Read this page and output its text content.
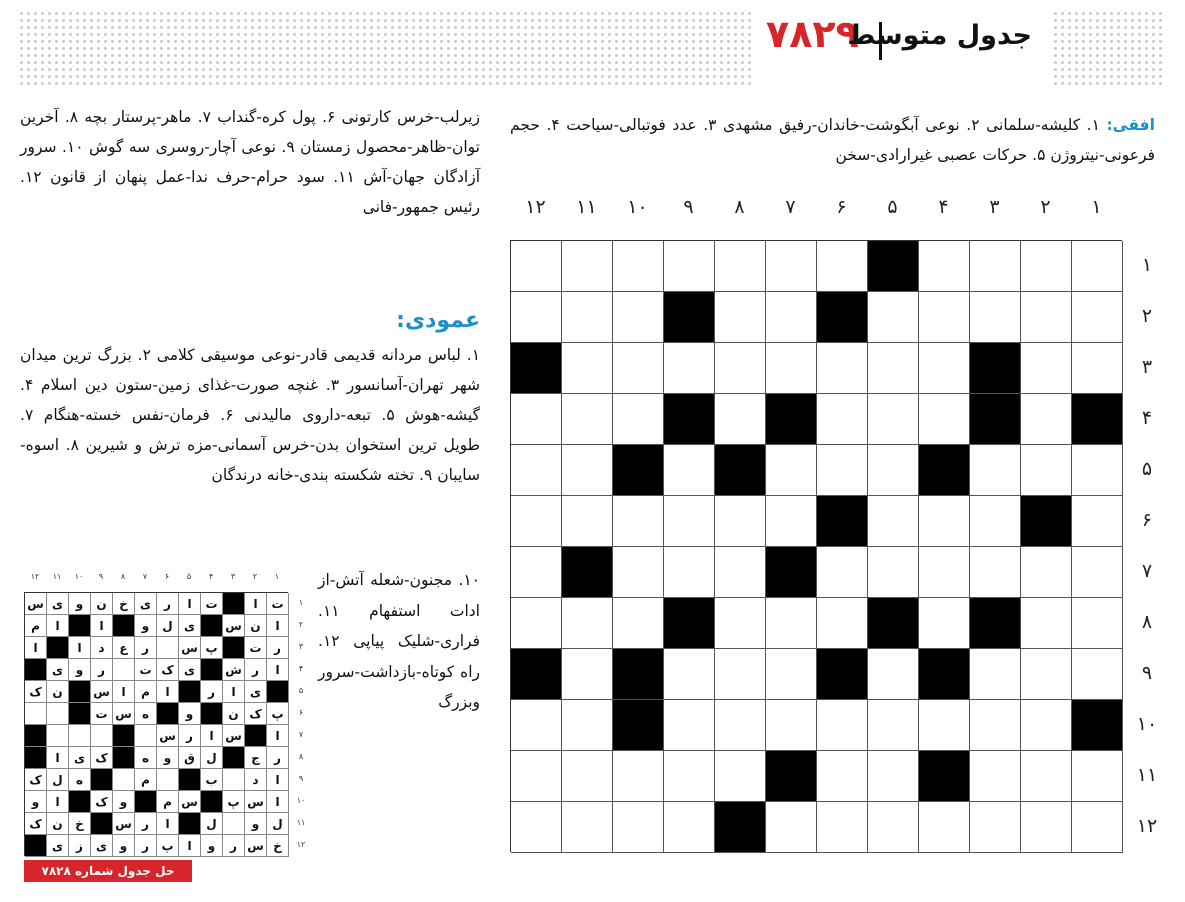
۷۸۲۹
جدول متوسط
افقی: ۱. کلیشه-سلمانی ۲. نوعی آبگوشت-خاندان-رفیق مشهدی ۳. عدد فوتبالی-سیاحت ۴. حجم فرعونی-نیتروژن ۵. حرکات عصبی غیرارادی-سخن
زیرلب-خرس کارتونی ۶. پول کره-گنداب ۷. ماهر-پرستار بچه ۸. آخرین توان-ظاهر-محصول زمستان ۹. نوعی آچار-روسری سه گوش ۱۰. سرور آزادگان جهان-آش ۱۱. سود حرام-حرف ندا-عمل پنهان از قانون ۱۲. رئیس جمهور-فانی
عمودی:
۱. لباس مردانه قدیمی قادر-نوعی موسیقی کلامی ۲. بزرگ ترین میدان شهر تهران-آسانسور ۳. غنچه صورت-غذای زمین-ستون دین اسلام ۴. گیشه-هوش ۵. تبعه-داروی مالیدنی ۶. فرمان-نفس خسته-هنگام ۷. طویل ترین استخوان بدن-خرس آسمانی-مزه ترش و شیرین ۸. اسوه-سایبان ۹. تخته شکسته بندی-خانه درندگان
۱۰. مجنون-شعله آتش-از ادات استفهام ۱۱. فراری-شلیک پیاپی ۱۲. راه کوتاه-بازداشت-سرور وبزرگ
۱
۲
۳
۴
۵
۶
۷
۸
۹
۱۰
۱۱
۱۲
۱
۲
۳
۴
۵
۶
۷
۸
۹
۱۰
۱۱
۱۲
۱
۲
۳
۴
۵
۶
۷
۸
۹
۱۰
۱۱
۱۲
۱
۲
۳
۴
۵
۶
۷
۸
۹
۱۰
۱۱
۱۲
ت
ا
ت
ا
ر
ی
خ
ن
و
ی
س
ا
ن
س
ی
ل
و
ا
ا
م
ر
ت
پ
س
ر
ع
د
ا
ا
ا
ر
ش
ی
ک
ت
ر
و
ی
ی
ا
ر
ا
م
ا
س
ن
ک
پ
ک
ن
و
ه
س
ت
ا
س
ا
ر
س
ر
ج
ل
ق
و
ه
ک
ی
ا
ا
د
ب
م
ه
ل
ک
ا
س
پ
س
م
و
ک
ا
و
ل
و
ل
ا
ر
س
خ
ن
ک
خ
س
ر
و
ا
پ
ر
و
ی
ز
ی
حل جدول شماره ۷۸۲۸
